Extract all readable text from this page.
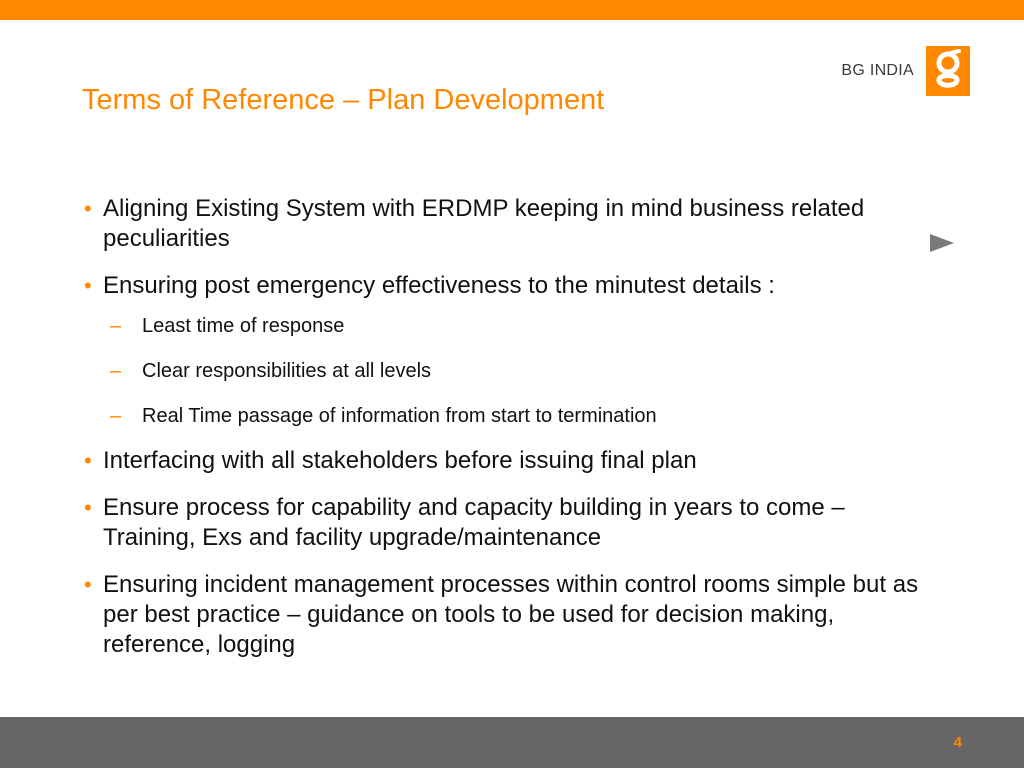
BG INDIA
Terms of Reference – Plan Development
• Aligning Existing System with ERDMP keeping in mind business related peculiarities
• Ensuring post emergency effectiveness to the minutest details :
– Least time of response
– Clear responsibilities at all levels
– Real Time passage of information from start to termination
• Interfacing with all stakeholders before issuing final plan
• Ensure process for capability and capacity building in years to come – Training, Exs and facility upgrade/maintenance
• Ensuring incident management processes within control rooms simple but as per best practice – guidance on tools to be used for decision making, reference, logging
4
